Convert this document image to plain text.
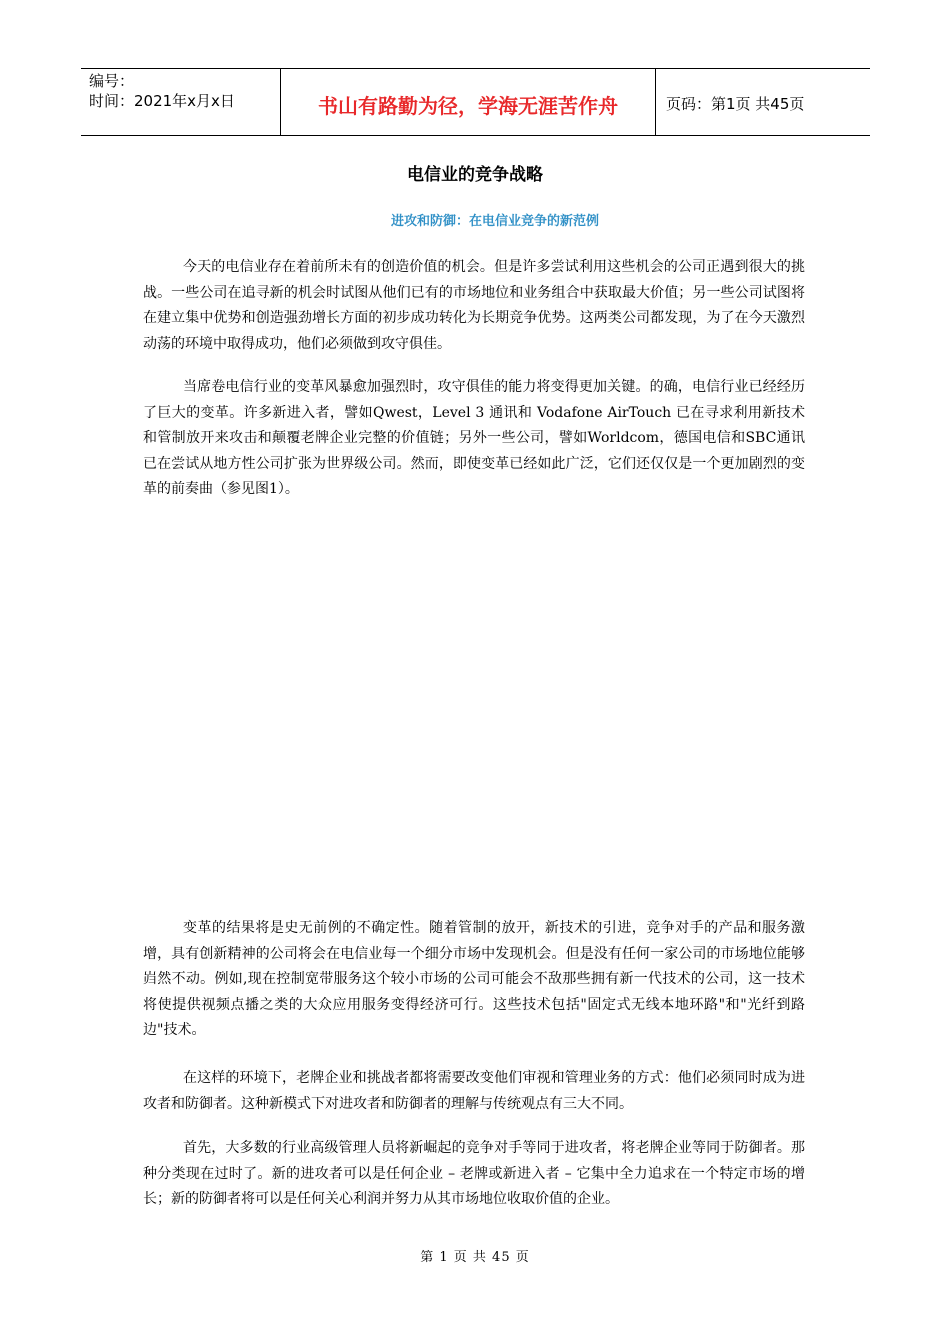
编号：
时间：2021年x月x日	书山有路勤为径，学海无涯苦作舟	页码：第1页 共45页
电信业的竞争战略
进攻和防御：在电信业竞争的新范例

今天的电信业存在着前所未有的创造价值的机会。但是许多尝试利用这些机会的公司正遇到很大的挑战。一些公司在追寻新的机会时试图从他们已有的市场地位和业务组合中获取最大价值；另一些公司试图将在建立集中优势和创造强劲增长方面的初步成功转化为长期竞争优势。这两类公司都发现，为了在今天激烈动荡的环境中取得成功，他们必须做到攻守俱佳。

当席卷电信行业的变革风暴愈加强烈时，攻守俱佳的能力将变得更加关键。的确，电信行业已经经历了巨大的变革。许多新进入者，譬如Qwest，Level 3 通讯和 Vodafone AirTouch 已在寻求利用新技术和管制放开来攻击和颠覆老牌企业完整的价值链；另外一些公司，譬如Worldcom，德国电信和SBC通讯已在尝试从地方性公司扩张为世界级公司。然而，即使变革已经如此广泛，它们还仅仅是一个更加剧烈的变革的前奏曲（参见图1）。

变革的结果将是史无前例的不确定性。随着管制的放开，新技术的引进，竞争对手的产品和服务激增，具有创新精神的公司将会在电信业每一个细分市场中发现机会。但是没有任何一家公司的市场地位能够岿然不动。例如,现在控制宽带服务这个较小市场的公司可能会不敌那些拥有新一代技术的公司，这一技术将使提供视频点播之类的大众应用服务变得经济可行。这些技术包括"固定式无线本地环路"和"光纤到路边"技术。

在这样的环境下，老牌企业和挑战者都将需要改变他们审视和管理业务的方式：他们必须同时成为进攻者和防御者。这种新模式下对进攻者和防御者的理解与传统观点有三大不同。

首先，大多数的行业高级管理人员将新崛起的竞争对手等同于进攻者，将老牌企业等同于防御者。那种分类现在过时了。新的进攻者可以是任何企业 – 老牌或新进入者 – 它集中全力追求在一个特定市场的增长；新的防御者将可以是任何关心利润并努力从其市场地位收取价值的企业。

第 1 页 共 45 页
